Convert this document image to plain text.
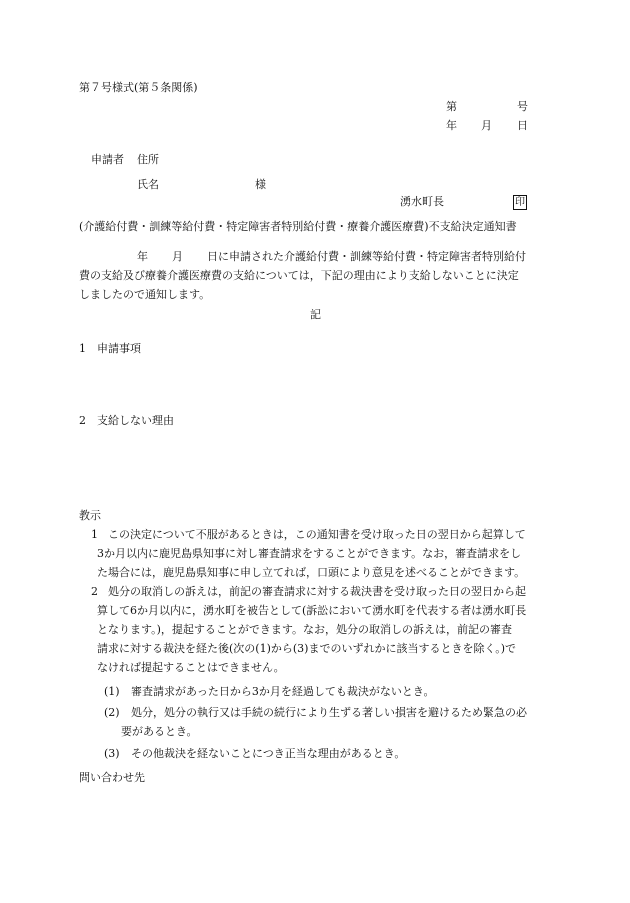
第７号様式(第５条関係)
第	号
年 月 日
申請者 住所
氏名	様
湧水町長	印
(介護給付費・訓練等給付費・特定障害者特別給付費・療養介護医療費)不支給決定通知書
年 月 日に申請された介護給付費・訓練等給付費・特定障害者特別給付
費の支給及び療養介護医療費の支給については，下記の理由により支給しないことに決定
しましたので通知します。
記
1 申請事項
2 支給しない理由
教示
1 この決定について不服があるときは，この通知書を受け取った日の翌日から起算して
3か月以内に鹿児島県知事に対し審査請求をすることができます。なお，審査請求をし
た場合には，鹿児島県知事に申し立てれば，口頭により意見を述べることができます。
2 処分の取消しの訴えは，前記の審査請求に対する裁決書を受け取った日の翌日から起
算して6か月以内に，湧水町を被告として(訴訟において湧水町を代表する者は湧水町長
となります。)，提起することができます。なお，処分の取消しの訴えは，前記の審査
請求に対する裁決を経た後(次の(1)から(3)までのいずれかに該当するときを除く。)で
なければ提起することはできません。
(1) 審査請求があった日から3か月を経過しても裁決がないとき。
(2) 処分，処分の執行又は手続の続行により生ずる著しい損害を避けるため緊急の必
要があるとき。
(3) その他裁決を経ないことにつき正当な理由があるとき。
問い合わせ先
